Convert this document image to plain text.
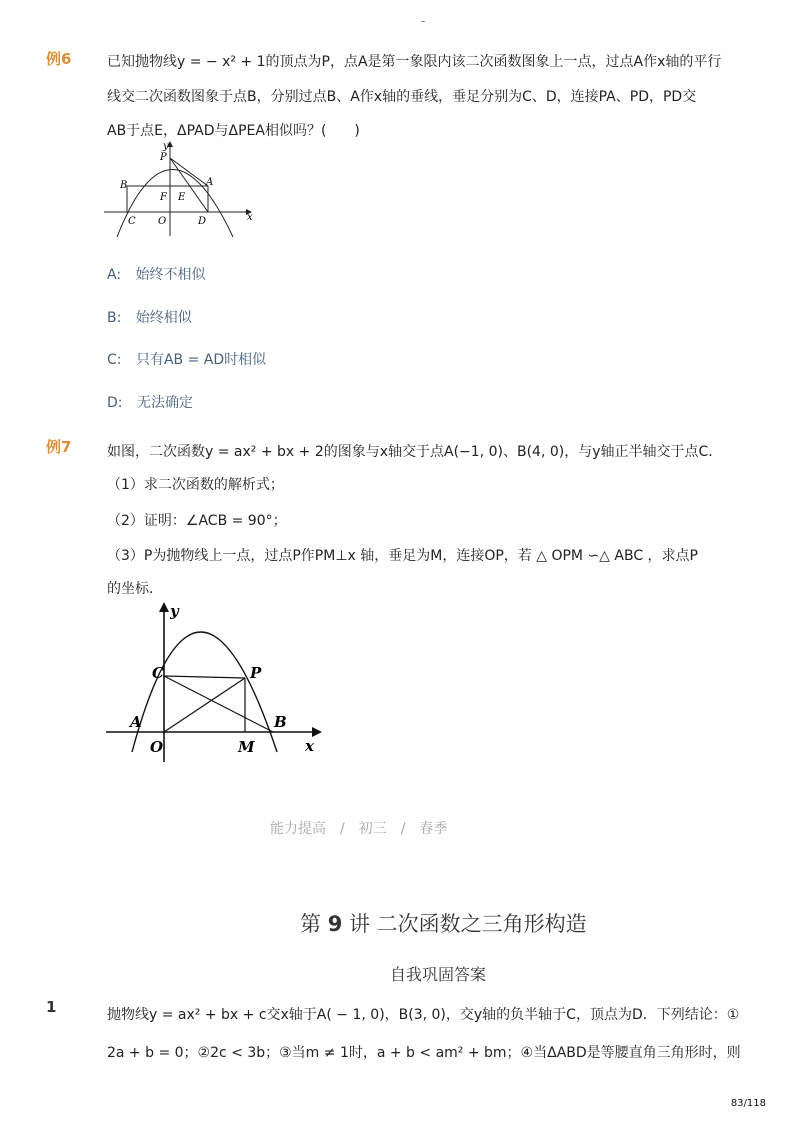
-
例6	已知抛物线y = − x² + 1的顶点为P，点A是第一象限内该二次函数图象上一点，过点A作x轴的平行
线交二次函数图象于点B，分别过点B、A作x轴的垂线，垂足分别为C、D，连接PA、PD，PD交
AB于点E，ΔPAD与ΔPEA相似吗？(　　)
y
x
P
B	A
F E
C O	D
A: 始终不相似
B: 始终相似
C: 只有AB = AD时相似
D: 无法确定
例7	如图，二次函数y = ax² + bx + 2的图象与x轴交于点A(−1, 0)、B(4, 0)，与y轴正半轴交于点C．
（1）求二次函数的解析式；
（2）证明：∠ACB = 90°；
（3）P为抛物线上一点，过点P作PM⊥x 轴，垂足为M，连接OP，若 △ OPM ∽△ ABC ，求点P
的坐标．
y
x
C	P
A
O	M
B
能力提高　/　初三　/　春季
第 9 讲 二次函数之三角形构造
自我巩固答案
1	抛物线y = ax² + bx + c交x轴于A( − 1, 0)，B(3, 0)，交y轴的负半轴于C，顶点为D．下列结论：①
2a + b = 0；②2c < 3b；③当m ≠ 1时，a + b < am² + bm；④当ΔABD是等腰直角三角形时，则
83/118
